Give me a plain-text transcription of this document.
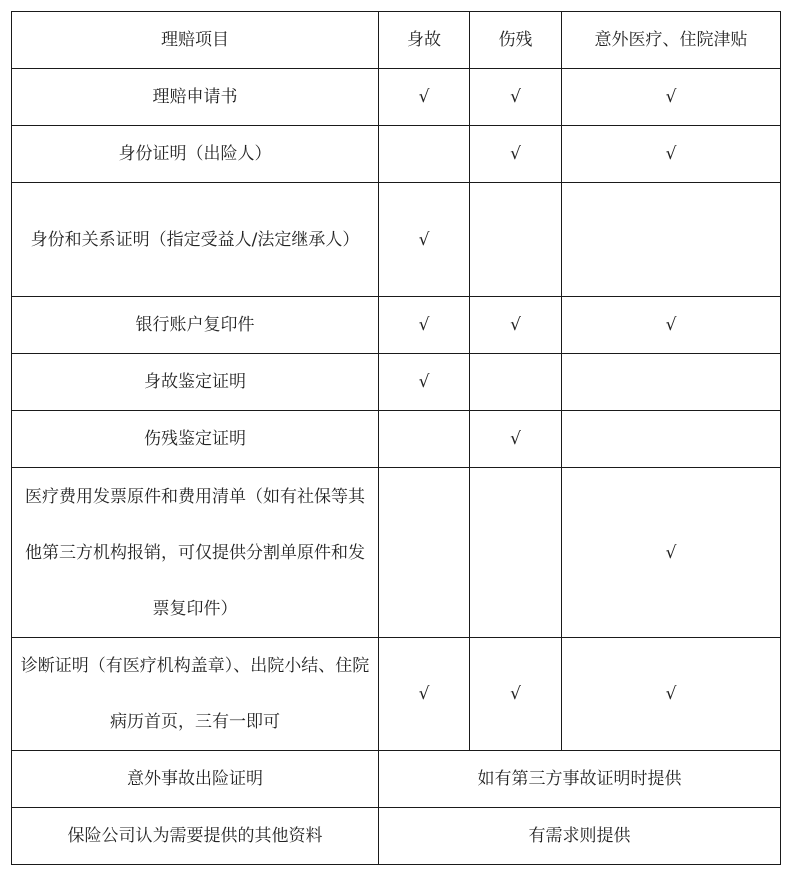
理赔项目	身故	伤残	意外医疗、住院津贴
理赔申请书	√	√	√
身份证明（出险人）		√	√
身份和关系证明（指定受益人/法定继承人）	√		
银行账户复印件	√	√	√
身故鉴定证明	√		
伤残鉴定证明		√	
医疗费用发票原件和费用清单（如有社保等其他第三方机构报销，可仅提供分割单原件和发票复印件）			√
诊断证明（有医疗机构盖章）、出院小结、住院病历首页，三有一即可	√	√	√
意外事故出险证明	如有第三方事故证明时提供		
保险公司认为需要提供的其他资料	有需求则提供		
